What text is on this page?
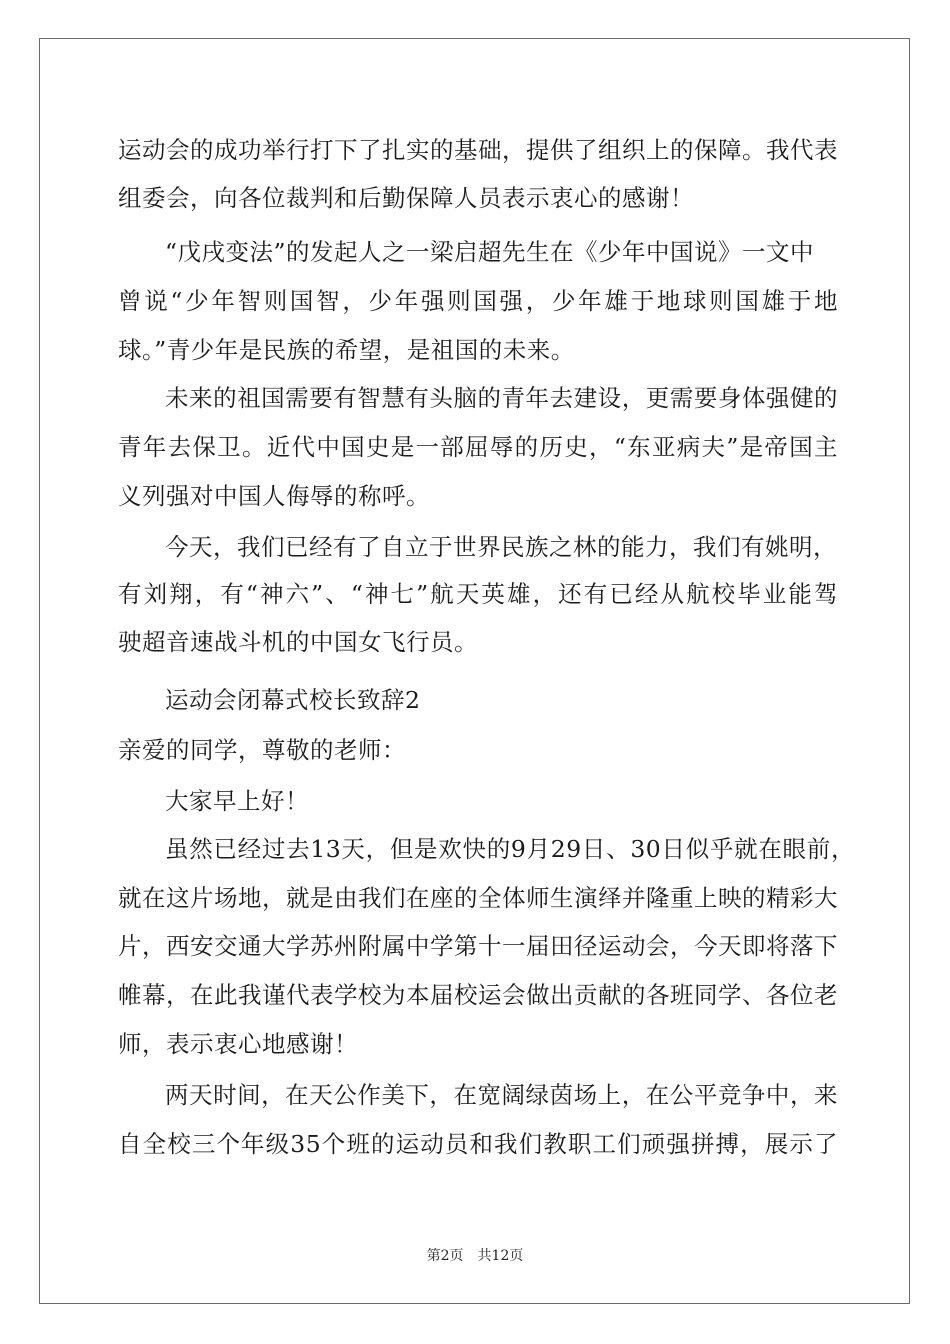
运动会的成功举行打下了扎实的基础，提供了组织上的保障。我代表
组委会，向各位裁判和后勤保障人员表示衷心的感谢！
“戊戌变法”的发起人之一梁启超先生在《少年中国说》一文中
曾说“少年智则国智，少年强则国强，少年雄于地球则国雄于地
球。”青少年是民族的希望，是祖国的未来。
未来的祖国需要有智慧有头脑的青年去建设，更需要身体强健的
青年去保卫。近代中国史是一部屈辱的历史，“东亚病夫”是帝国主
义列强对中国人侮辱的称呼。
今天，我们已经有了自立于世界民族之林的能力，我们有姚明，
有刘翔，有“神六”、“神七”航天英雄，还有已经从航校毕业能驾
驶超音速战斗机的中国女飞行员。
运动会闭幕式校长致辞2
亲爱的同学，尊敬的老师：
大家早上好！
虽然已经过去13天，但是欢快的9月29日、30日似乎就在眼前，
就在这片场地，就是由我们在座的全体师生演绎并隆重上映的精彩大
片，西安交通大学苏州附属中学第十一届田径运动会，今天即将落下
帷幕，在此我谨代表学校为本届校运会做出贡献的各班同学、各位老
师，表示衷心地感谢！
两天时间，在天公作美下，在宽阔绿茵场上，在公平竞争中，来
自全校三个年级35个班的运动员和我们教职工们顽强拼搏，展示了
第2页 共12页
